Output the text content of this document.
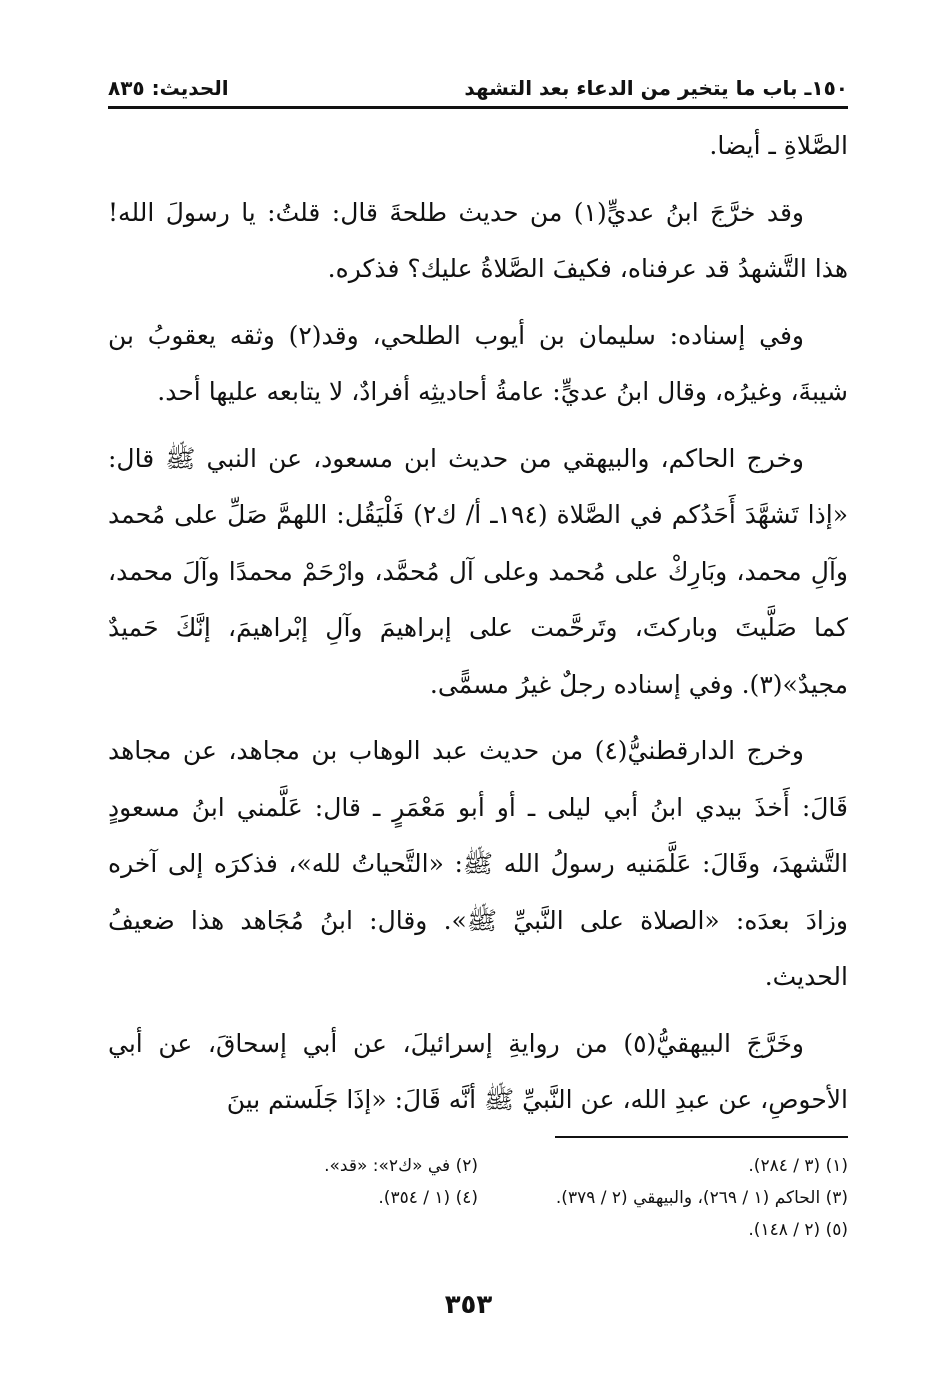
١٥٠ـ باب ما يتخير من الدعاء بعد التشهد
الحديث: ٨٣٥

الصَّلاةِ ـ أيضا.

وقد خرَّجَ ابنُ عديٍّ(١) من حديث طلحةَ قال: قلتُ: يا رسولَ الله! هذا التَّشهدُ قد عرفناه، فكيفَ الصَّلاةُ عليك؟ فذكره.

وفي إسناده: سليمان بن أيوب الطلحي، وقد(٢) وثقه يعقوبُ بن شيبةَ، وغيرُه، وقال ابنُ عديٍّ: عامةُ أحاديثِه أفرادٌ، لا يتابعه عليها أحد.

وخرج الحاكم، والبيهقي من حديث ابن مسعود، عن النبي ﷺ قال: «إذا تَشهَّدَ أَحَدُكم في الصَّلاة (١٩٤ـ أ/ ك٢) فَلْيَقُل: اللهمَّ صَلِّ على مُحمد وآلِ محمد، وبَارِكْ على مُحمد وعلى آل مُحمَّد، وارْحَمْ محمدًا وآلَ محمد، كما صَلَّيتَ وباركتَ، وتَرحَّمت على إبراهيمَ وآلِ إبْراهيمَ، إنَّكَ حَميدٌ مجيدٌ»(٣). وفي إسناده رجلٌ غيرُ مسمًّى.

وخرج الدارقطنيُّ(٤) من حديث عبد الوهاب بن مجاهد، عن مجاهد قَالَ: أَخذَ بيدي ابنُ أبي ليلى ـ أو أبو مَعْمَرٍ ـ قال: عَلَّمني ابنُ مسعودٍ التَّشهدَ، وقَالَ: عَلَّمَنيه رسولُ الله ﷺ: «التَّحياتُ لله»، فذكرَه إلى آخره وزادَ بعدَه: «الصلاة على النَّبيِّ ﷺ». وقال: ابنُ مُجَاهد هذا ضعيفُ الحديث.

وخَرَّجَ البيهقيُّ(٥) من روايةِ إسرائيلَ، عن أبي إسحاقَ، عن أبي الأحوصِ، عن عبدِ الله، عن النَّبيِّ ﷺ أنَّه قَالَ: «إذَا جَلَستم بينَ

(١) (٣ / ٢٨٤).
(٢) في «ك٢»: «قد».
(٣) الحاكم (١ / ٢٦٩)، والبيهقي (٢ / ٣٧٩).
(٤) (١ / ٣٥٤).
(٥) (٢ / ١٤٨).
٣٥٣
